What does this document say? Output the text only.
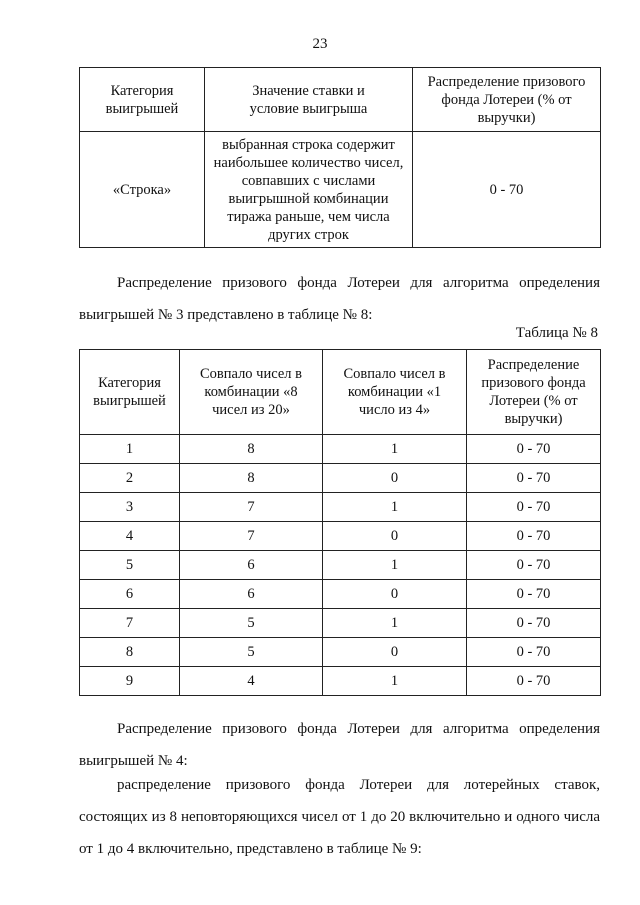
23
Категория выигрышей	Значение ставки и условие выигрыша	Распределение призового фонда Лотереи (% от выручки)
«Строка»	выбранная строка содержит наибольшее количество чисел, совпавших с числами выигрышной комбинации тиража раньше, чем числа других строк	0 - 70
Распределение призового фонда Лотереи для алгоритма определения выигрышей № 3 представлено в таблице № 8:
Таблица № 8
Категория выигрышей	Совпало чисел в комбинации «8 чисел из 20»	Совпало чисел в комбинации «1 число из 4»	Распределение призового фонда Лотереи (% от выручки)
1	8	1	0 - 70
2	8	0	0 - 70
3	7	1	0 - 70
4	7	0	0 - 70
5	6	1	0 - 70
6	6	0	0 - 70
7	5	1	0 - 70
8	5	0	0 - 70
9	4	1	0 - 70
Распределение призового фонда Лотереи для алгоритма определения выигрышей № 4:
распределение призового фонда Лотереи для лотерейных ставок, состоящих из 8 неповторяющихся чисел от 1 до 20 включительно и одного числа от 1 до 4 включительно, представлено в таблице № 9:
